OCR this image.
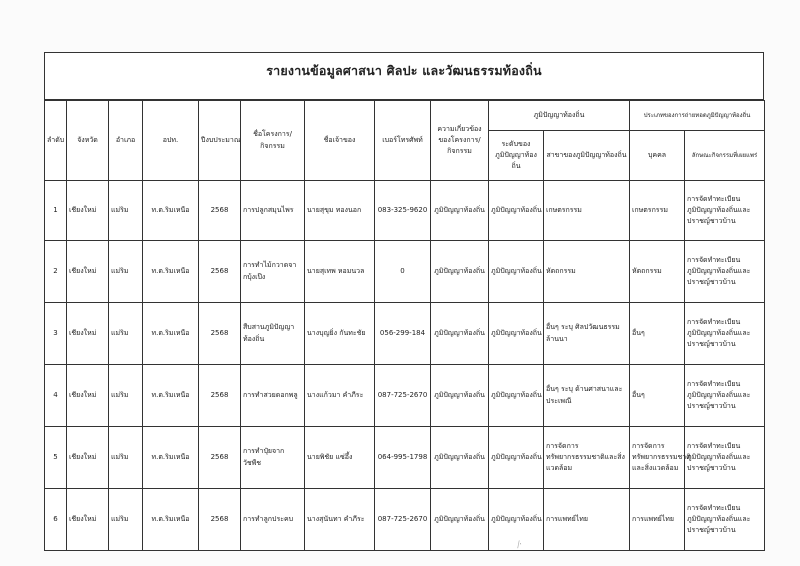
รายงานข้อมูลศาสนา ศิลปะ และวัฒนธรรมท้องถิ่น
ลำดับ	จังหวัด	อำเภอ	อปท.	ปีงบประมาณ	ชื่อโครงการ/กิจกรรม	ชื่อเจ้าของ	เบอร์โทรศัพท์	ความเกี่ยวข้องของโครงการ/กิจกรรม	ภูมิปัญญาท้องถิ่น		ประเภทของการถ่ายทอดภูมิปัญญาท้องถิ่น	
									ระดับของภูมิปัญญาท้องถิ่น	สาขาของภูมิปัญญาท้องถิ่น	บุคคล	ลักษณะกิจกรรมที่เผยแพร่
1	เชียงใหม่	แม่ริม	ท.ต.ริมเหนือ	2568	การปลูกสมุนไพร	นายสุขุม ทองนอก	083-325-9620	ภูมิปัญญาท้องถิ่น	ภูมิปัญญาท้องถิ่น	เกษตรกรรม	เกษตรกรรม	การจัดทำทะเบียนภูมิปัญญาท้องถิ่นและปราชญ์ชาวบ้าน
2	เชียงใหม่	แม่ริม	ท.ต.ริมเหนือ	2568	การทำไม้กวาดจากบุ้งเป๊ง	นายสุเทพ หอมนวล	0	ภูมิปัญญาท้องถิ่น	ภูมิปัญญาท้องถิ่น	หัตถกรรม	หัตถกรรม	การจัดทำทะเบียนภูมิปัญญาท้องถิ่นและปราชญ์ชาวบ้าน
3	เชียงใหม่	แม่ริม	ท.ต.ริมเหนือ	2568	สืบสานภูมิปัญญาท้องถิ่น	นางบุญยิ่ง กันทะชัย	056-299-184	ภูมิปัญญาท้องถิ่น	ภูมิปัญญาท้องถิ่น	อื่นๆ ระบุ ศิลปวัฒนธรรมล้านนา	อื่นๆ	การจัดทำทะเบียนภูมิปัญญาท้องถิ่นและปราชญ์ชาวบ้าน
4	เชียงใหม่	แม่ริม	ท.ต.ริมเหนือ	2568	การทำสวยดอกพลู	นางแก้วมา คำภีระ	087-725-2670	ภูมิปัญญาท้องถิ่น	ภูมิปัญญาท้องถิ่น	อื่นๆ ระบุ ด้านศาสนาและประเพณี	อื่นๆ	การจัดทำทะเบียนภูมิปัญญาท้องถิ่นและปราชญ์ชาวบ้าน
5	เชียงใหม่	แม่ริม	ท.ต.ริมเหนือ	2568	การทำปุ๋ยจากวัชพืช	นายพิชัย แซ่อึ้ง	064-995-1798	ภูมิปัญญาท้องถิ่น	ภูมิปัญญาท้องถิ่น	การจัดการทรัพยากรธรรมชาติและสิ่งแวดล้อม	การจัดการทรัพยากรธรรมชาติและสิ่งแวดล้อม	การจัดทำทะเบียนภูมิปัญญาท้องถิ่นและปราชญ์ชาวบ้าน
6	เชียงใหม่	แม่ริม	ท.ต.ริมเหนือ	2568	การทำลูกประคบ	นางสุนันทา คำภีระ	087-725-2670	ภูมิปัญญาท้องถิ่น	ภูมิปัญญาท้องถิ่น	การแพทย์ไทย	การแพทย์ไทย	การจัดทำทะเบียนภูมิปัญญาท้องถิ่นและปราชญ์ชาวบ้าน
⁄·
